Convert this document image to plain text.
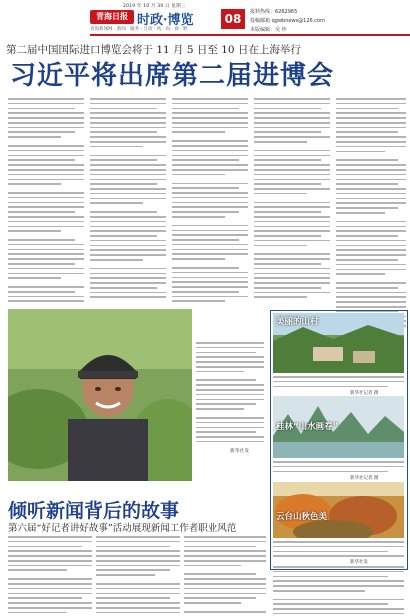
2019 年 10 月 30 日 星期三
青海日报 时政·博览
青海新闻网 · 新闻 · 服务 · 互动 · 风 · 尚 · 视 · 野
08	报料热线：6262965
投稿邮箱 qgwbnews@126.com
本版编辑：吴 珍
第二届中国国际进口博览会将于 11 月 5 日至 10 日在上海举行
习近平将出席第二届进博会
新华社发
美丽的山村
新华社记者 摄
桂林“山水画卷”
新华社记者 摄
云台山秋色美
新华社发
倾听新闻背后的故事
第六届“好记者讲好故事”活动展现新闻工作者职业风范
